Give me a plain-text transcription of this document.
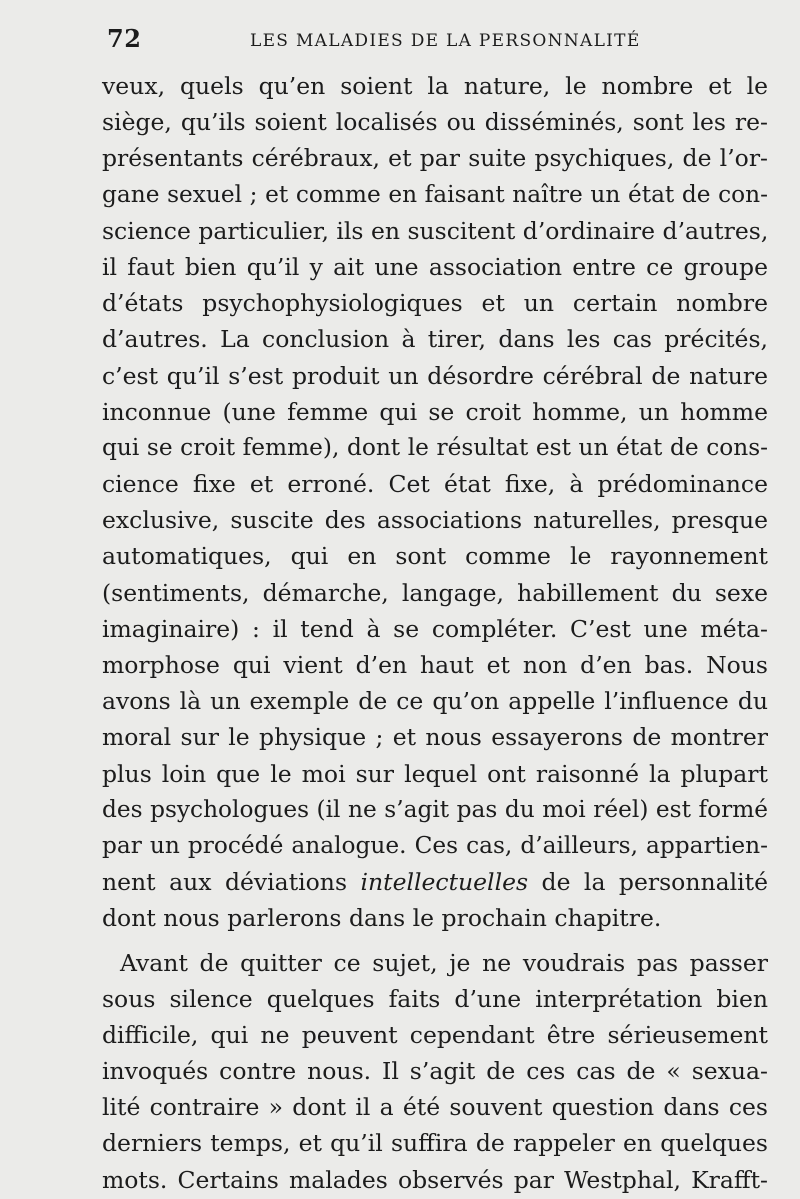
72	LES MALADIES DE LA PERSONNALITÉ
veux, quels qu’en soient la nature, le nombre et le
siège, qu’ils soient localisés ou disséminés, sont les re-
présentants cérébraux, et par suite psychiques, de l’or-
gane sexuel ; et comme en faisant naître un état de con-
science particulier, ils en suscitent d’ordinaire d’autres,
il faut bien qu’il y ait une association entre ce groupe
d’états psychophysiologiques et un certain nombre
d’autres. La conclusion à tirer, dans les cas précités,
c’est qu’il s’est produit un désordre cérébral de nature
inconnue (une femme qui se croit homme, un homme
qui se croit femme), dont le résultat est un état de cons-
cience fixe et erroné. Cet état fixe, à prédominance
exclusive, suscite des associations naturelles, presque
automatiques, qui en sont comme le rayonnement
(sentiments, démarche, langage, habillement du sexe
imaginaire) : il tend à se compléter. C’est une méta-
morphose qui vient d’en haut et non d’en bas. Nous
avons là un exemple de ce qu’on appelle l’influence du
moral sur le physique ; et nous essayerons de montrer
plus loin que le moi sur lequel ont raisonné la plupart
des psychologues (il ne s’agit pas du moi réel) est formé
par un procédé analogue. Ces cas, d’ailleurs, appartien-
nent aux déviations intellectuelles de la personnalité
dont nous parlerons dans le prochain chapitre.
Avant de quitter ce sujet, je ne voudrais pas passer
sous silence quelques faits d’une interprétation bien
difficile, qui ne peuvent cependant être sérieusement
invoqués contre nous. Il s’agit de ces cas de « sexua-
lité contraire » dont il a été souvent question dans ces
derniers temps, et qu’il suffira de rappeler en quelques
mots. Certains malades observés par Westphal, Krafft-
